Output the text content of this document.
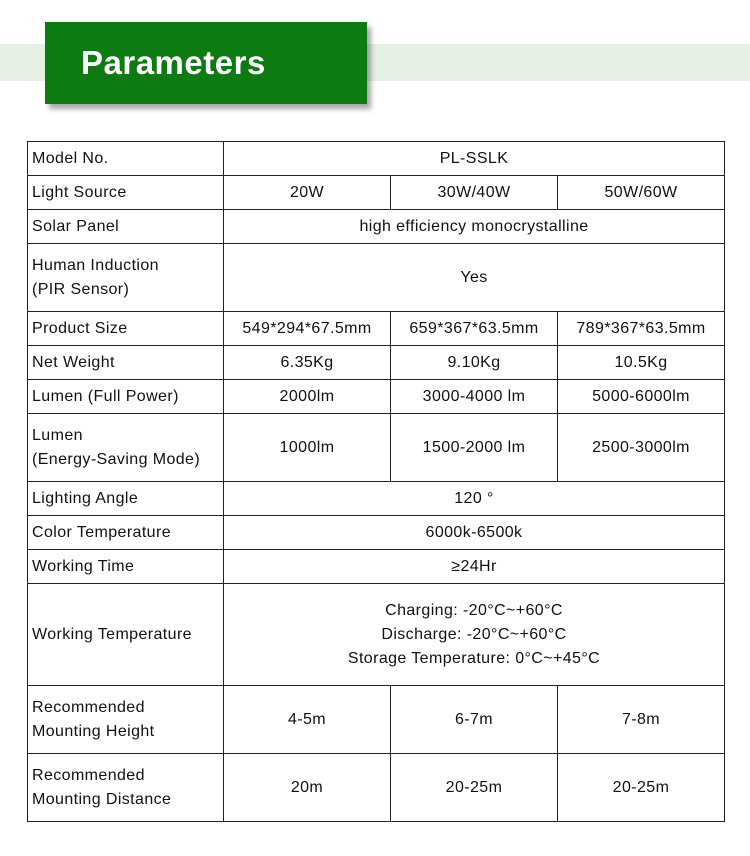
Parameters
Model No.	PL-SSLK		

Light Source	20W	30W/40W	50W/60W

Solar Panel	high efficiency monocrystalline		

Human Induction
(PIR Sensor)	Yes		

Product Size	549*294*67.5mm	659*367*63.5mm	789*367*63.5mm

Net Weight	6.35Kg	9.10Kg	10.5Kg

Lumen (Full Power)	2000lm	3000-4000 lm	5000-6000lm

Lumen
(Energy-Saving Mode)	1000lm	1500-2000 lm	2500-3000lm

Lighting Angle	120 °		

Color Temperature	6000k-6500k		

Working Time	≥24Hr		

Working Temperature	Charging: -20°C~+60°C
Discharge: -20°C~+60°C
Storage Temperature: 0°C~+45°C		

Recommended
Mounting Height	4-5m	6-7m	7-8m

Recommended
Mounting Distance	20m	20-25m	20-25m
